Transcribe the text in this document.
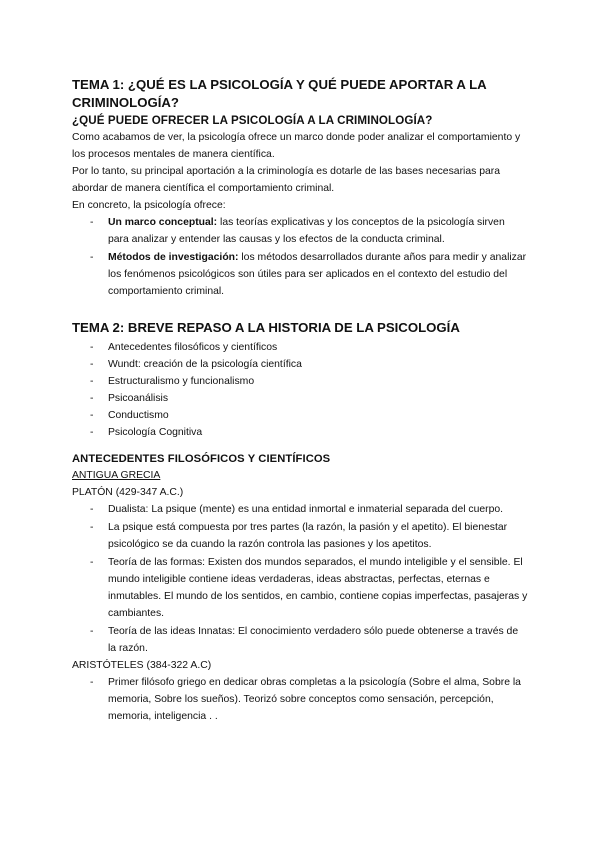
TEMA 1: ¿QUÉ ES LA PSICOLOGÍA Y QUÉ PUEDE APORTAR A LA CRIMINOLOGÍA?
¿QUÉ PUEDE OFRECER LA PSICOLOGÍA A LA CRIMINOLOGÍA?

Como acabamos de ver, la psicología ofrece un marco donde poder analizar el comportamiento y los procesos mentales de manera científica.

Por lo tanto, su principal aportación a la criminología es dotarle de las bases necesarias para abordar de manera científica el comportamiento criminal.

En concreto, la psicología ofrece:

- Un marco conceptual: las teorías explicativas y los conceptos de la psicología sirven para analizar y entender las causas y los efectos de la conducta criminal.
- Métodos de investigación: los métodos desarrollados durante años para medir y analizar los fenómenos psicológicos son útiles para ser aplicados en el contexto del estudio del comportamiento criminal.
TEMA 2: BREVE REPASO A LA HISTORIA DE LA PSICOLOGÍA
- Antecedentes filosóficos y científicos
- Wundt: creación de la psicología científica
- Estructuralismo y funcionalismo
- Psicoanálisis
- Conductismo
- Psicología Cognitiva
ANTECEDENTES FILOSÓFICOS Y CIENTÍFICOS

ANTIGUA GRECIA

PLATÓN (429-347 A.C.)

- Dualista: La psique (mente) es una entidad inmortal e inmaterial separada del cuerpo.
- La psique está compuesta por tres partes (la razón, la pasión y el apetito). El bienestar psicológico se da cuando la razón controla las pasiones y los apetitos.
- Teoría de las formas: Existen dos mundos separados, el mundo inteligible y el sensible. El mundo inteligible contiene ideas verdaderas, ideas abstractas, perfectas, eternas e inmutables. El mundo de los sentidos, en cambio, contiene copias imperfectas, pasajeras y cambiantes.
- Teoría de las ideas Innatas: El conocimiento verdadero sólo puede obtenerse a través de la razón.

ARISTÓTELES (384-322 A.C)

- Primer filósofo griego en dedicar obras completas a la psicología (Sobre el alma, Sobre la memoria, Sobre los sueños). Teorizó sobre conceptos como sensación, percepción, memoria, inteligencia . .
